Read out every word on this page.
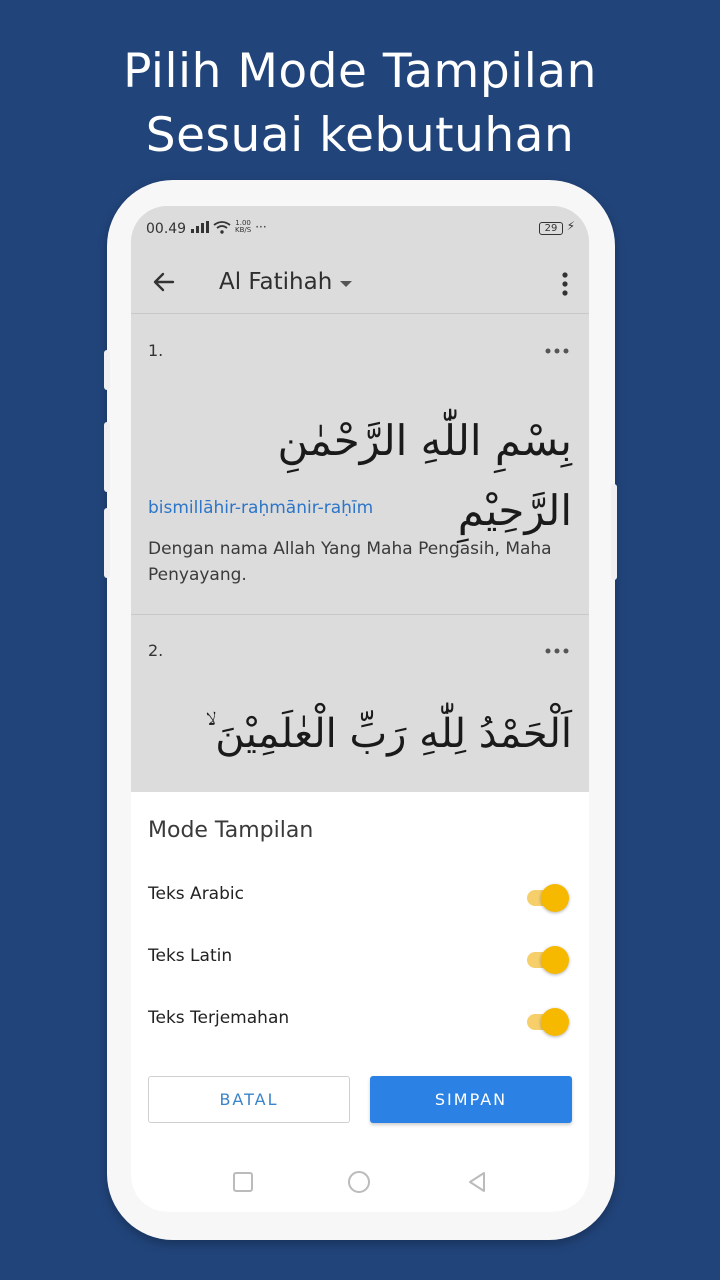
Pilih Mode Tampilan
Sesuai kebutuhan
00.49	1.00
KB/S ···	29 ⚡
Al Fatihah
1.
بِسْمِ اللّٰهِ الرَّحْمٰنِ الرَّحِيْمِ
bismillāhir-raḥmānir-raḥīm
Dengan nama Allah Yang Maha Pengasih, Maha Penyayang.
2.
اَلْحَمْدُ لِلّٰهِ رَبِّ الْعٰلَمِيْنَ ۙ
Mode Tampilan
Teks Arabic
Teks Latin
Teks Terjemahan
BATAL	SIMPAN
